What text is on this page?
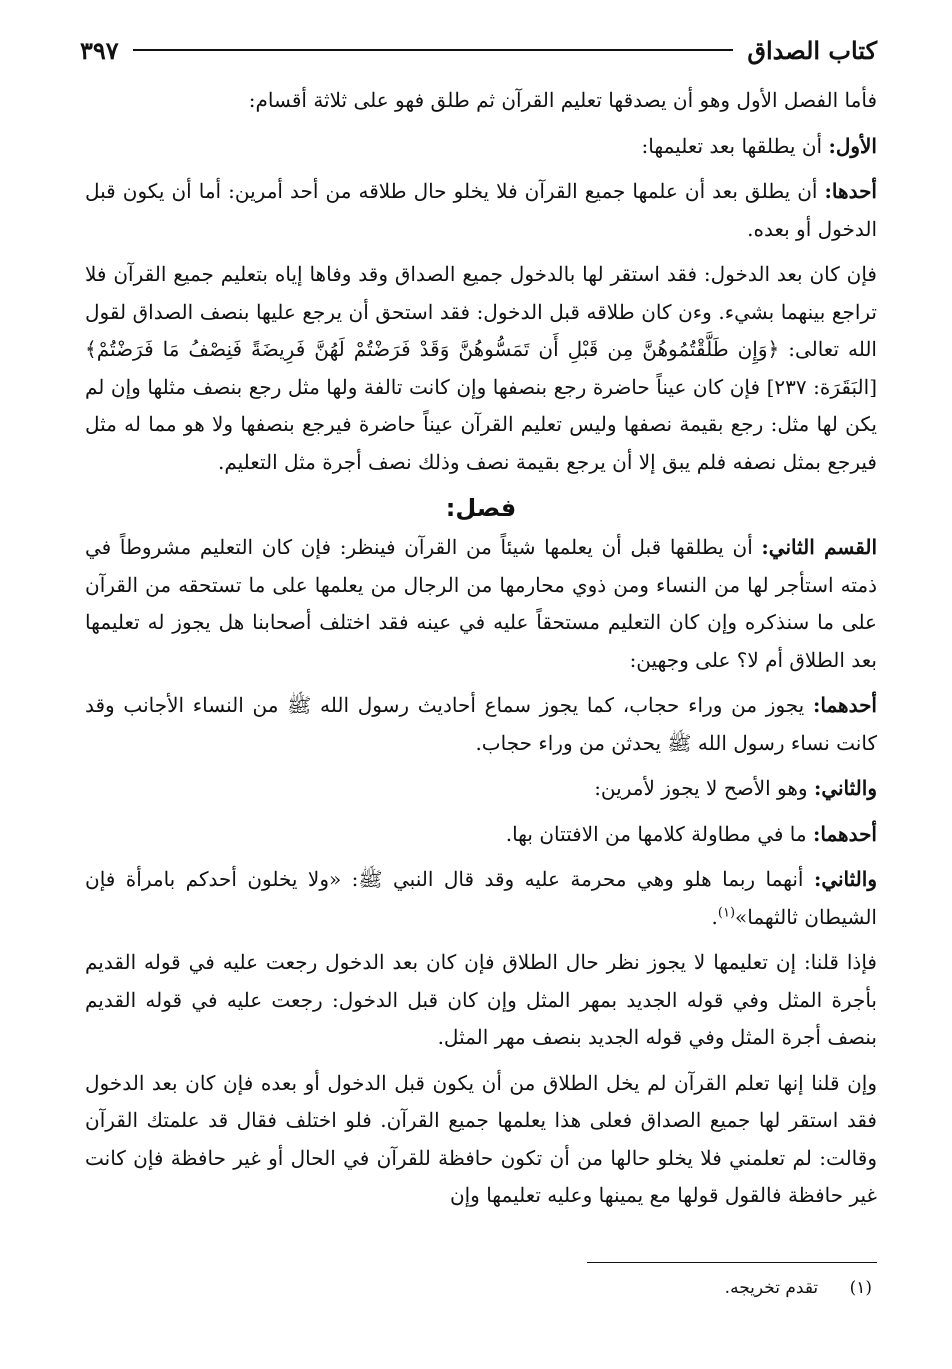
كتاب الصداق
٣٩٧

فأما الفصل الأول وهو أن يصدقها تعليم القرآن ثم طلق فهو على ثلاثة أقسام:

الأول: أن يطلقها بعد تعليمها:

أحدها: أن يطلق بعد أن علمها جميع القرآن فلا يخلو حال طلاقه من أحد أمرين: أما أن يكون قبل الدخول أو بعده.

فإن كان بعد الدخول: فقد استقر لها بالدخول جميع الصداق وقد وفاها إياه بتعليم جميع القرآن فلا تراجع بينهما بشيء. وءن كان طلاقه قبل الدخول: فقد استحق أن يرجع عليها بنصف الصداق لقول الله تعالى: ﴿وَإِن طَلَّقْتُمُوهُنَّ مِن قَبْلِ أَن تَمَسُّوهُنَّ وَقَدْ فَرَضْتُمْ لَهُنَّ فَرِيضَةً فَنِصْفُ مَا فَرَضْتُمْ﴾ [البَقَرَة: ٢٣٧] فإن كان عيناً حاضرة رجع بنصفها وإن كانت تالفة ولها مثل رجع بنصف مثلها وإن لم يكن لها مثل: رجع بقيمة نصفها وليس تعليم القرآن عيناً حاضرة فيرجع بنصفها ولا هو مما له مثل فيرجع بمثل نصفه فلم يبق إلا أن يرجع بقيمة نصف وذلك نصف أجرة مثل التعليم.

فصل:

القسم الثاني: أن يطلقها قبل أن يعلمها شيئاً من القرآن فينظر: فإن كان التعليم مشروطاً في ذمته استأجر لها من النساء ومن ذوي محارمها من الرجال من يعلمها على ما تستحقه من القرآن على ما سنذكره وإن كان التعليم مستحقاً عليه في عينه فقد اختلف أصحابنا هل يجوز له تعليمها بعد الطلاق أم لا؟ على وجهين:

أحدهما: يجوز من وراء حجاب، كما يجوز سماع أحاديث رسول الله ﷺ من النساء الأجانب وقد كانت نساء رسول الله ﷺ يحدثن من وراء حجاب.

والثاني: وهو الأصح لا يجوز لأمرين:

أحدهما: ما في مطاولة كلامها من الافتتان بها.

والثاني: أنهما ربما هلو وهي محرمة عليه وقد قال النبي ﷺ: «ولا يخلون أحدكم بامرأة فإن الشيطان ثالثهما»$^{(١)}$.

فإذا قلنا: إن تعليمها لا يجوز نظر حال الطلاق فإن كان بعد الدخول رجعت عليه في قوله القديم بأجرة المثل وفي قوله الجديد بمهر المثل وإن كان قبل الدخول: رجعت عليه في قوله القديم بنصف أجرة المثل وفي قوله الجديد بنصف مهر المثل.

وإن قلنا إنها تعلم القرآن لم يخل الطلاق من أن يكون قبل الدخول أو بعده فإن كان بعد الدخول فقد استقر لها جميع الصداق فعلى هذا يعلمها جميع القرآن. فلو اختلف فقال قد علمتك القرآن وقالت: لم تعلمني فلا يخلو حالها من أن تكون حافظة للقرآن في الحال أو غير حافظة فإن كانت غير حافظة فالقول قولها مع يمينها وعليه تعليمها وإن

(١) تقدم تخريجه.
